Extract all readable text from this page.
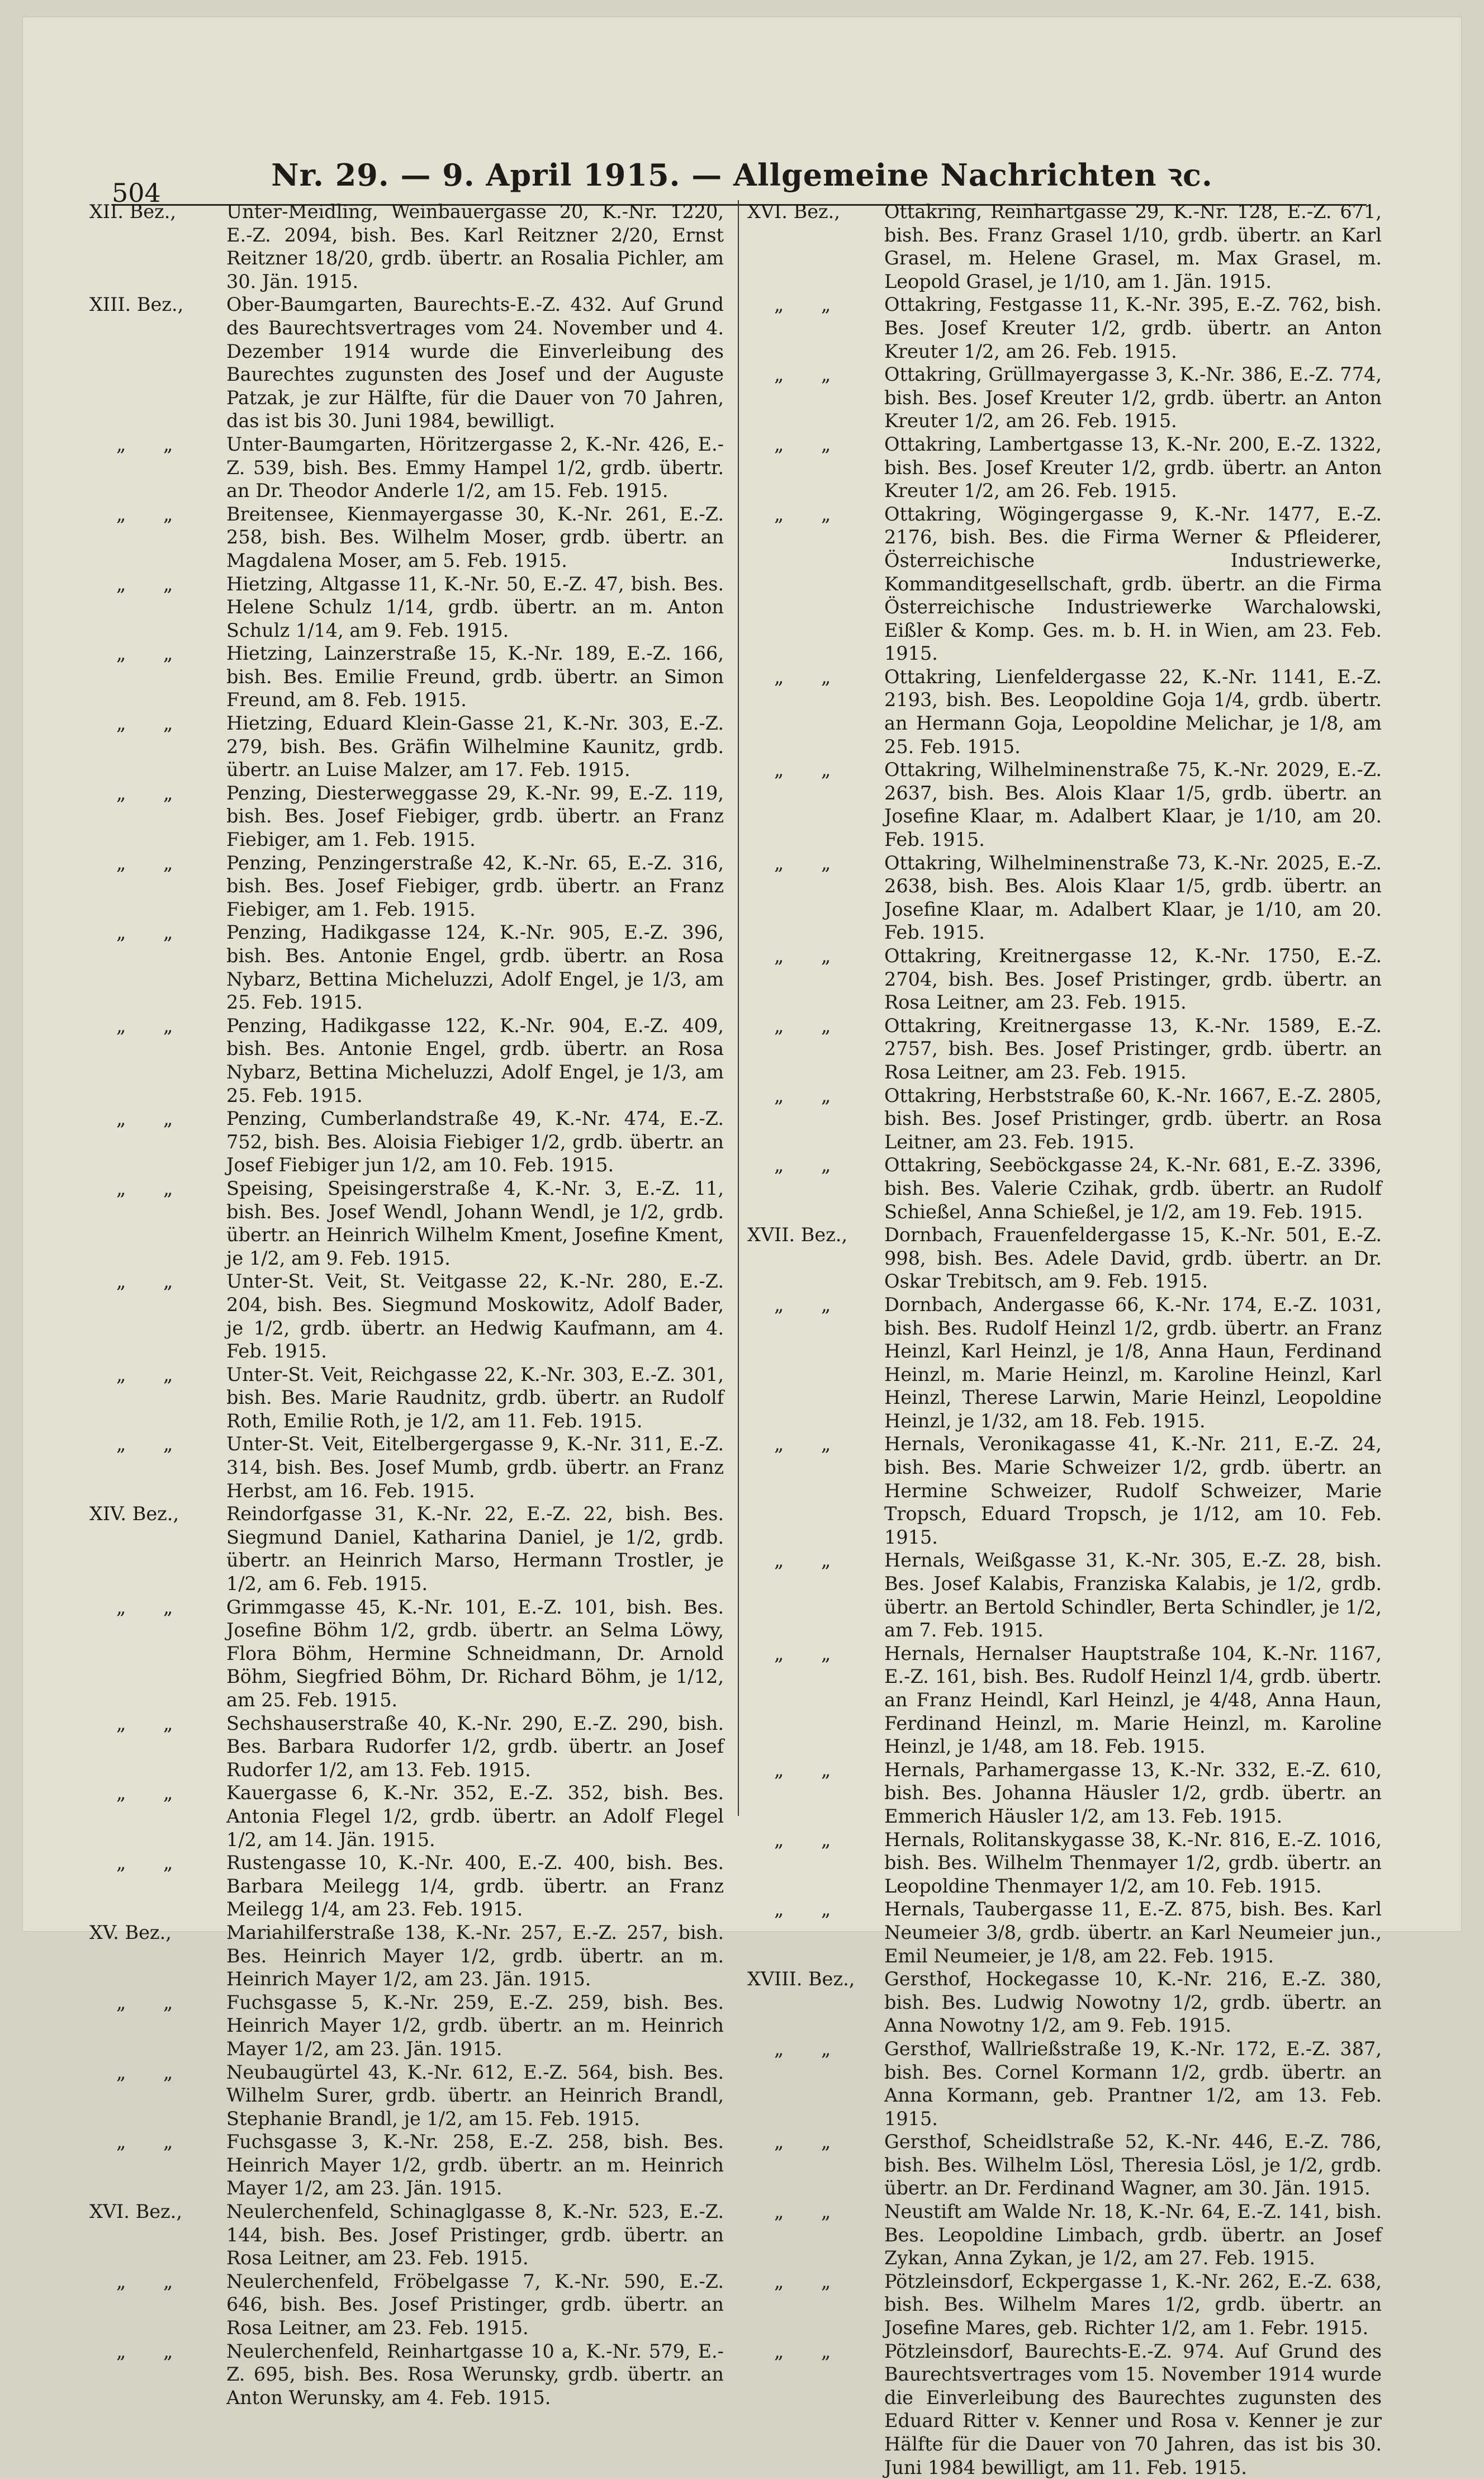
504	Nr. 29. — 9. April 1915. — Allgemeine Nachrichten ꝛc.

XII. Bez.,	Unter-Meidling, Weinbauergasse 20, K.-Nr. 1220, E.-Z. 2094, bish. Bes. Karl Reitzner 2/20, Ernst Reitzner 18/20, grdb. übertr. an Rosalia Pichler, am 30. Jän. 1915.

XIII. Bez.,	Ober-Baumgarten, Baurechts-E.-Z. 432. Auf Grund des Baurechtsvertrages vom 24. November und 4. Dezember 1914 wurde die Einverleibung des Baurechtes zugunsten des Josef und der Auguste Patzak, je zur Hälfte, für die Dauer von 70 Jahren, das ist bis 30. Juni 1984, bewilligt.

„ „	Unter-Baumgarten, Höritzergasse 2, K.-Nr. 426, E.-Z. 539, bish. Bes. Emmy Hampel 1/2, grdb. übertr. an Dr. Theodor Anderle 1/2, am 15. Feb. 1915.

„ „	Breitensee, Kienmayergasse 30, K.-Nr. 261, E.-Z. 258, bish. Bes. Wilhelm Moser, grdb. übertr. an Magdalena Moser, am 5. Feb. 1915.

„ „	Hietzing, Altgasse 11, K.-Nr. 50, E.-Z. 47, bish. Bes. Helene Schulz 1/14, grdb. übertr. an m. Anton Schulz 1/14, am 9. Feb. 1915.

„ „	Hietzing, Lainzerstraße 15, K.-Nr. 189, E.-Z. 166, bish. Bes. Emilie Freund, grdb. übertr. an Simon Freund, am 8. Feb. 1915.

„ „	Hietzing, Eduard Klein-Gasse 21, K.-Nr. 303, E.-Z. 279, bish. Bes. Gräfin Wilhelmine Kaunitz, grdb. übertr. an Luise Malzer, am 17. Feb. 1915.

„ „	Penzing, Diesterweggasse 29, K.-Nr. 99, E.-Z. 119, bish. Bes. Josef Fiebiger, grdb. übertr. an Franz Fiebiger, am 1. Feb. 1915.

„ „	Penzing, Penzingerstraße 42, K.-Nr. 65, E.-Z. 316, bish. Bes. Josef Fiebiger, grdb. übertr. an Franz Fiebiger, am 1. Feb. 1915.

„ „	Penzing, Hadikgasse 124, K.-Nr. 905, E.-Z. 396, bish. Bes. Antonie Engel, grdb. übertr. an Rosa Nybarz, Bettina Micheluzzi, Adolf Engel, je 1/3, am 25. Feb. 1915.

„ „	Penzing, Hadikgasse 122, K.-Nr. 904, E.-Z. 409, bish. Bes. Antonie Engel, grdb. übertr. an Rosa Nybarz, Bettina Micheluzzi, Adolf Engel, je 1/3, am 25. Feb. 1915.

„ „	Penzing, Cumberlandstraße 49, K.-Nr. 474, E.-Z. 752, bish. Bes. Aloisia Fiebiger 1/2, grdb. übertr. an Josef Fiebiger jun 1/2, am 10. Feb. 1915.

„ „	Speising, Speisingerstraße 4, K.-Nr. 3, E.-Z. 11, bish. Bes. Josef Wendl, Johann Wendl, je 1/2, grdb. übertr. an Heinrich Wilhelm Kment, Josefine Kment, je 1/2, am 9. Feb. 1915.

„ „	Unter-St. Veit, St. Veitgasse 22, K.-Nr. 280, E.-Z. 204, bish. Bes. Siegmund Moskowitz, Adolf Bader, je 1/2, grdb. übertr. an Hedwig Kaufmann, am 4. Feb. 1915.

„ „	Unter-St. Veit, Reichgasse 22, K.-Nr. 303, E.-Z. 301, bish. Bes. Marie Raudnitz, grdb. übertr. an Rudolf Roth, Emilie Roth, je 1/2, am 11. Feb. 1915.

„ „	Unter-St. Veit, Eitelbergergasse 9, K.-Nr. 311, E.-Z. 314, bish. Bes. Josef Mumb, grdb. übertr. an Franz Herbst, am 16. Feb. 1915.

XIV. Bez.,	Reindorfgasse 31, K.-Nr. 22, E.-Z. 22, bish. Bes. Siegmund Daniel, Katharina Daniel, je 1/2, grdb. übertr. an Heinrich Marso, Hermann Trostler, je 1/2, am 6. Feb. 1915.

„ „	Grimmgasse 45, K.-Nr. 101, E.-Z. 101, bish. Bes. Josefine Böhm 1/2, grdb. übertr. an Selma Löwy, Flora Böhm, Hermine Schneidmann, Dr. Arnold Böhm, Siegfried Böhm, Dr. Richard Böhm, je 1/12, am 25. Feb. 1915.

„ „	Sechshauserstraße 40, K.-Nr. 290, E.-Z. 290, bish. Bes. Barbara Rudorfer 1/2, grdb. übertr. an Josef Rudorfer 1/2, am 13. Feb. 1915.

„ „	Kauergasse 6, K.-Nr. 352, E.-Z. 352, bish. Bes. Antonia Flegel 1/2, grdb. übertr. an Adolf Flegel 1/2, am 14. Jän. 1915.

„ „	Rustengasse 10, K.-Nr. 400, E.-Z. 400, bish. Bes. Barbara Meilegg 1/4, grdb. übertr. an Franz Meilegg 1/4, am 23. Feb. 1915.

XV. Bez.,	Mariahilferstraße 138, K.-Nr. 257, E.-Z. 257, bish. Bes. Heinrich Mayer 1/2, grdb. übertr. an m. Heinrich Mayer 1/2, am 23. Jän. 1915.

„ „	Fuchsgasse 5, K.-Nr. 259, E.-Z. 259, bish. Bes. Heinrich Mayer 1/2, grdb. übertr. an m. Heinrich Mayer 1/2, am 23. Jän. 1915.

„ „	Neubaugürtel 43, K.-Nr. 612, E.-Z. 564, bish. Bes. Wilhelm Surer, grdb. übertr. an Heinrich Brandl, Stephanie Brandl, je 1/2, am 15. Feb. 1915.

„ „	Fuchsgasse 3, K.-Nr. 258, E.-Z. 258, bish. Bes. Heinrich Mayer 1/2, grdb. übertr. an m. Heinrich Mayer 1/2, am 23. Jän. 1915.

XVI. Bez.,	Neulerchenfeld, Schinaglgasse 8, K.-Nr. 523, E.-Z. 144, bish. Bes. Josef Pristinger, grdb. übertr. an Rosa Leitner, am 23. Feb. 1915.

„ „	Neulerchenfeld, Fröbelgasse 7, K.-Nr. 590, E.-Z. 646, bish. Bes. Josef Pristinger, grdb. übertr. an Rosa Leitner, am 23. Feb. 1915.

„ „	Neulerchenfeld, Reinhartgasse 10 a, K.-Nr. 579, E.-Z. 695, bish. Bes. Rosa Werunsky, grdb. übertr. an Anton Werunsky, am 4. Feb. 1915.

XVI. Bez.,	Ottakring, Reinhartgasse 29, K.-Nr. 128, E.-Z. 671, bish. Bes. Franz Grasel 1/10, grdb. übertr. an Karl Grasel, m. Helene Grasel, m. Max Grasel, m. Leopold Grasel, je 1/10, am 1. Jän. 1915.

„ „	Ottakring, Festgasse 11, K.-Nr. 395, E.-Z. 762, bish. Bes. Josef Kreuter 1/2, grdb. übertr. an Anton Kreuter 1/2, am 26. Feb. 1915.

„ „	Ottakring, Grüllmayergasse 3, K.-Nr. 386, E.-Z. 774, bish. Bes. Josef Kreuter 1/2, grdb. übertr. an Anton Kreuter 1/2, am 26. Feb. 1915.

„ „	Ottakring, Lambertgasse 13, K.-Nr. 200, E.-Z. 1322, bish. Bes. Josef Kreuter 1/2, grdb. übertr. an Anton Kreuter 1/2, am 26. Feb. 1915.

„ „	Ottakring, Wögingergasse 9, K.-Nr. 1477, E.-Z. 2176, bish. Bes. die Firma Werner & Pfleiderer, Österreichische Industriewerke, Kommanditgesellschaft, grdb. übertr. an die Firma Österreichische Industriewerke Warchalowski, Eißler & Komp. Ges. m. b. H. in Wien, am 23. Feb. 1915.

„ „	Ottakring, Lienfeldergasse 22, K.-Nr. 1141, E.-Z. 2193, bish. Bes. Leopoldine Goja 1/4, grdb. übertr. an Hermann Goja, Leopoldine Melichar, je 1/8, am 25. Feb. 1915.

„ „	Ottakring, Wilhelminenstraße 75, K.-Nr. 2029, E.-Z. 2637, bish. Bes. Alois Klaar 1/5, grdb. übertr. an Josefine Klaar, m. Adalbert Klaar, je 1/10, am 20. Feb. 1915.

„ „	Ottakring, Wilhelminenstraße 73, K.-Nr. 2025, E.-Z. 2638, bish. Bes. Alois Klaar 1/5, grdb. übertr. an Josefine Klaar, m. Adalbert Klaar, je 1/10, am 20. Feb. 1915.

„ „	Ottakring, Kreitnergasse 12, K.-Nr. 1750, E.-Z. 2704, bish. Bes. Josef Pristinger, grdb. übertr. an Rosa Leitner, am 23. Feb. 1915.

„ „	Ottakring, Kreitnergasse 13, K.-Nr. 1589, E.-Z. 2757, bish. Bes. Josef Pristinger, grdb. übertr. an Rosa Leitner, am 23. Feb. 1915.

„ „	Ottakring, Herbststraße 60, K.-Nr. 1667, E.-Z. 2805, bish. Bes. Josef Pristinger, grdb. übertr. an Rosa Leitner, am 23. Feb. 1915.

„ „	Ottakring, Seeböckgasse 24, K.-Nr. 681, E.-Z. 3396, bish. Bes. Valerie Czihak, grdb. übertr. an Rudolf Schießel, Anna Schießel, je 1/2, am 19. Feb. 1915.

XVII. Bez.,	Dornbach, Frauenfeldergasse 15, K.-Nr. 501, E.-Z. 998, bish. Bes. Adele David, grdb. übertr. an Dr. Oskar Trebitsch, am 9. Feb. 1915.

„ „	Dornbach, Andergasse 66, K.-Nr. 174, E.-Z. 1031, bish. Bes. Rudolf Heinzl 1/2, grdb. übertr. an Franz Heinzl, Karl Heinzl, je 1/8, Anna Haun, Ferdinand Heinzl, m. Marie Heinzl, m. Karoline Heinzl, Karl Heinzl, Therese Larwin, Marie Heinzl, Leopoldine Heinzl, je 1/32, am 18. Feb. 1915.

„ „	Hernals, Veronikagasse 41, K.-Nr. 211, E.-Z. 24, bish. Bes. Marie Schweizer 1/2, grdb. übertr. an Hermine Schweizer, Rudolf Schweizer, Marie Tropsch, Eduard Tropsch, je 1/12, am 10. Feb. 1915.

„ „	Hernals, Weißgasse 31, K.-Nr. 305, E.-Z. 28, bish. Bes. Josef Kalabis, Franziska Kalabis, je 1/2, grdb. übertr. an Bertold Schindler, Berta Schindler, je 1/2, am 7. Feb. 1915.

„ „	Hernals, Hernalser Hauptstraße 104, K.-Nr. 1167, E.-Z. 161, bish. Bes. Rudolf Heinzl 1/4, grdb. übertr. an Franz Heindl, Karl Heinzl, je 4/48, Anna Haun, Ferdinand Heinzl, m. Marie Heinzl, m. Karoline Heinzl, je 1/48, am 18. Feb. 1915.

„ „	Hernals, Parhamergasse 13, K.-Nr. 332, E.-Z. 610, bish. Bes. Johanna Häusler 1/2, grdb. übertr. an Emmerich Häusler 1/2, am 13. Feb. 1915.

„ „	Hernals, Rolitanskygasse 38, K.-Nr. 816, E.-Z. 1016, bish. Bes. Wilhelm Thenmayer 1/2, grdb. übertr. an Leopoldine Thenmayer 1/2, am 10. Feb. 1915.

„ „	Hernals, Taubergasse 11, E.-Z. 875, bish. Bes. Karl Neumeier 3/8, grdb. übertr. an Karl Neumeier jun., Emil Neumeier, je 1/8, am 22. Feb. 1915.

XVIII. Bez.,	Gersthof, Hockegasse 10, K.-Nr. 216, E.-Z. 380, bish. Bes. Ludwig Nowotny 1/2, grdb. übertr. an Anna Nowotny 1/2, am 9. Feb. 1915.

„ „	Gersthof, Wallrießstraße 19, K.-Nr. 172, E.-Z. 387, bish. Bes. Cornel Kormann 1/2, grdb. übertr. an Anna Kormann, geb. Prantner 1/2, am 13. Feb. 1915.

„ „	Gersthof, Scheidlstraße 52, K.-Nr. 446, E.-Z. 786, bish. Bes. Wilhelm Lösl, Theresia Lösl, je 1/2, grdb. übertr. an Dr. Ferdinand Wagner, am 30. Jän. 1915.

„ „	Neustift am Walde Nr. 18, K.-Nr. 64, E.-Z. 141, bish. Bes. Leopoldine Limbach, grdb. übertr. an Josef Zykan, Anna Zykan, je 1/2, am 27. Feb. 1915.

„ „	Pötzleinsdorf, Eckpergasse 1, K.-Nr. 262, E.-Z. 638, bish. Bes. Wilhelm Mares 1/2, grdb. übertr. an Josefine Mares, geb. Richter 1/2, am 1. Febr. 1915.

„ „	Pötzleinsdorf, Baurechts-E.-Z. 974. Auf Grund des Baurechtsvertrages vom 15. November 1914 wurde die Einverleibung des Baurechtes zugunsten des Eduard Ritter v. Kenner und Rosa v. Kenner je zur Hälfte für die Dauer von 70 Jahren, das ist bis 30. Juni 1984 bewilligt, am 11. Feb. 1915.
